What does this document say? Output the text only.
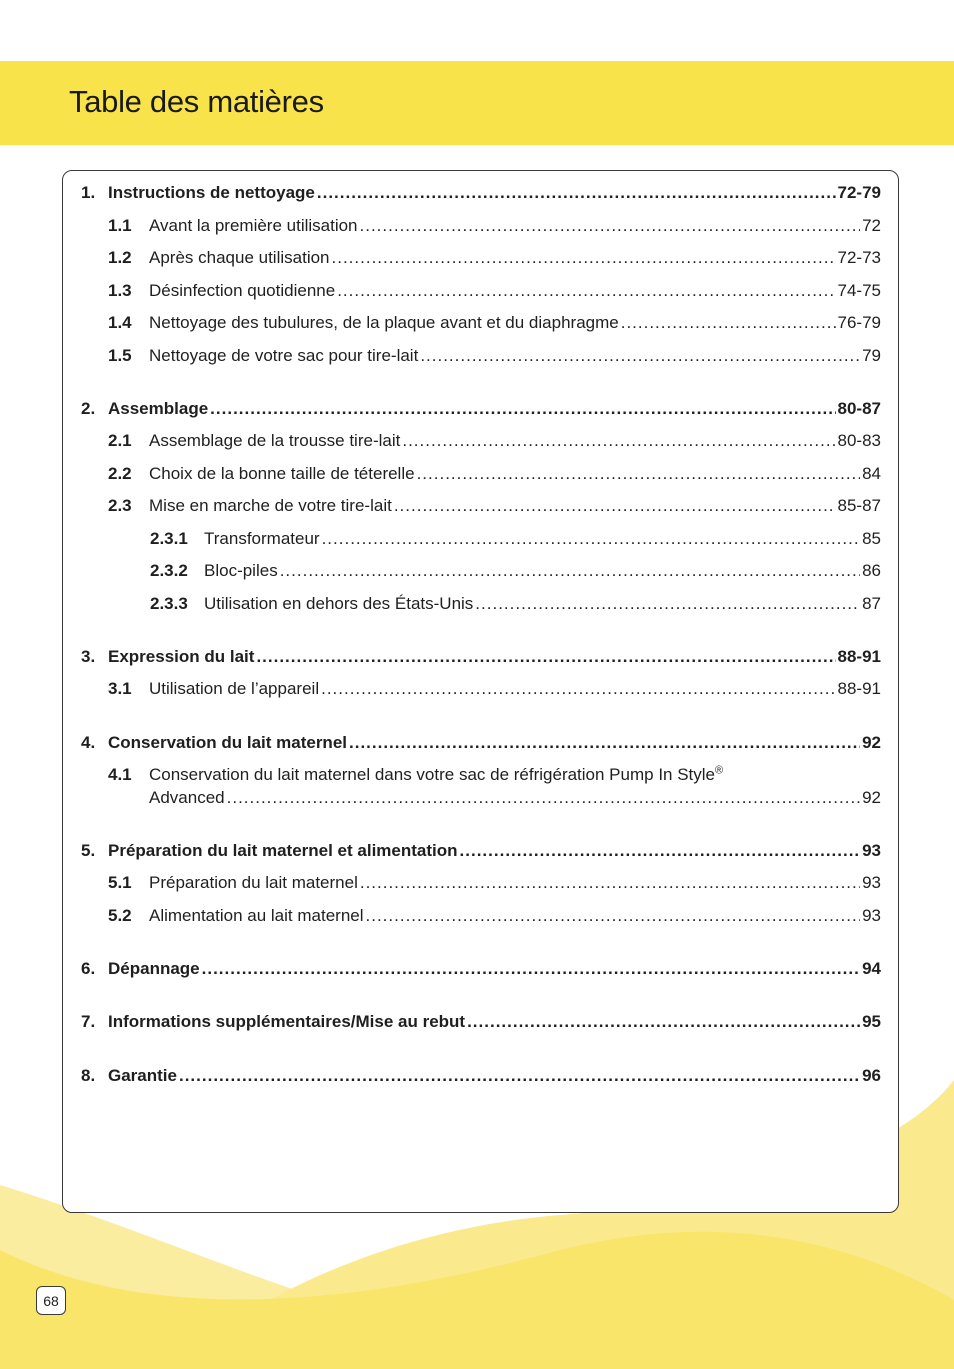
Table des matières
1. Instructions de nettoyage .....	72-79
1.1	Avant la première utilisation .....	72
1.2	Après chaque utilisation .....	72-73
1.3	Désinfection quotidienne .....	74-75
1.4	Nettoyage des tubulures, de la plaque avant et du diaphragme .....	76-79
1.5	Nettoyage de votre sac pour tire-lait .....	79
2. Assemblage .....	80-87
2.1	Assemblage de la trousse tire-lait .....	80-83
2.2	Choix de la bonne taille de téterelle .....	84
2.3	Mise en marche de votre tire-lait .....	85-87
2.3.1 Transformateur .....	85
2.3.2 Bloc-piles .....	86
2.3.3 Utilisation en dehors des États-Unis .....	87
3. Expression du lait .....	88-91
3.1	Utilisation de l’appareil .....	88-91
4. Conservation du lait maternel .....	92
4.1 Conservation du lait maternel dans votre sac de réfrigération Pump In Style®
Advanced .....	92
5. Préparation du lait maternel et alimentation .....	93
5.1	Préparation du lait maternel .....	93
5.2	Alimentation au lait maternel .....	93
6. Dépannage .....	94
7. Informations supplémentaires/Mise au rebut .....	95
8. Garantie .....	96
68
